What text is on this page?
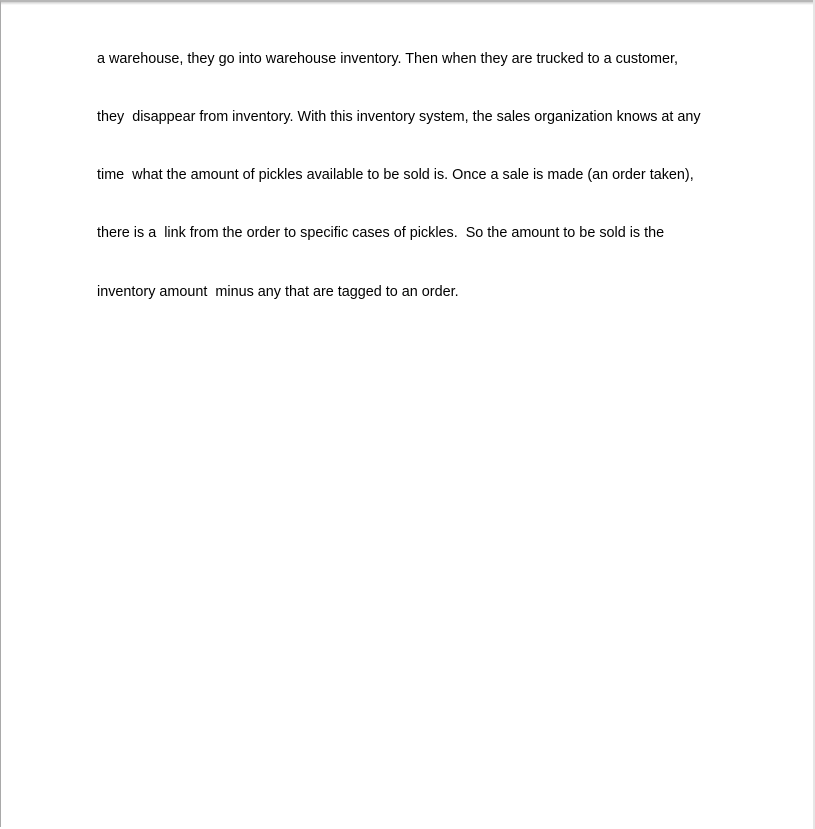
a warehouse, they go into warehouse inventory. Then when they are trucked to a customer,

they  disappear from inventory. With this inventory system, the sales organization knows at any

time  what the amount of pickles available to be sold is. Once a sale is made (an order taken),

there is a  link from the order to specific cases of pickles.  So the amount to be sold is the

inventory amount  minus any that are tagged to an order.
